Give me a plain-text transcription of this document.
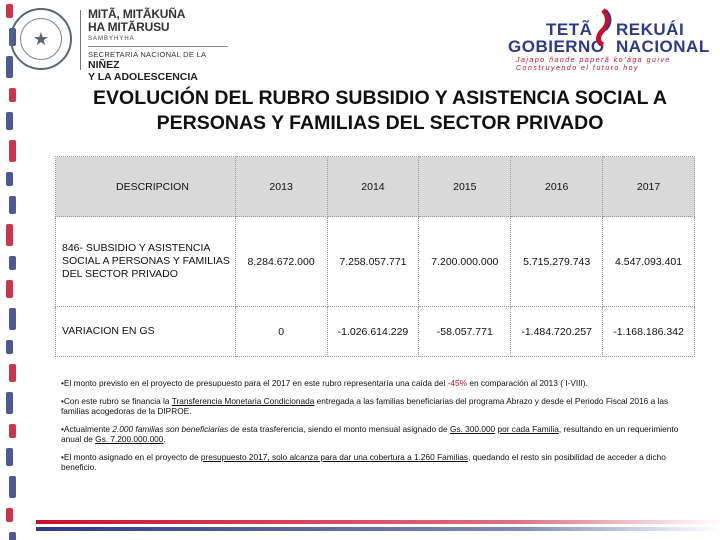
★
MITÃ, MITÃKUÑA
HA MITÃRUSU
SAMBYHYHA
SECRETARIA NACIONAL DE LA
NIÑEZ
Y LA ADOLESCENCIA
TETÃ REKUÁI
GOBIERNO NACIONAL
Jajapo ñande paperã ko'ága guive
Construyendo el futuro hoy
EVOLUCIÓN DEL RUBRO SUBSIDIO Y ASISTENCIA SOCIAL A
PERSONAS Y FAMILIAS DEL SECTOR PRIVADO
DESCRIPCION	2013	2014	2015	2016	2017
846- SUBSIDIO Y ASISTENCIA SOCIAL A PERSONAS Y FAMILIAS DEL SECTOR PRIVADO	8.284.672.000	7.258.057.771	7.200.000.000	5.715.279.743	4.547.093.401
VARIACION EN GS	0	-1.026.614.229	-58.057.771	-1.484.720.257	-1.168.186.342
•El monto previsto en el proyecto de presupuesto para el 2017 en este rubro representaría una caída del -45% en comparación al 2013 ( I-VIII).
•Con este rubro se financia la Transferencia Monetaria Condicionada entregada a las familias beneficiarias del programa Abrazo y desde el Periodo Fiscal 2016 a las familias acogedoras de la DIPROE.
•Actualmente 2.000 familias son beneficiarias de esta trasferencia, siendo el monto mensual asignado de Gs. 300.000 por cada Familia, resultando en un requerimiento anual de Gs. 7.200.000.000.
•El monto asignado en el proyecto de presupuesto 2017, solo alcanza para dar una cobertura a 1.260 Familias, quedando el resto sin posibilidad de acceder a dicho beneficio.
